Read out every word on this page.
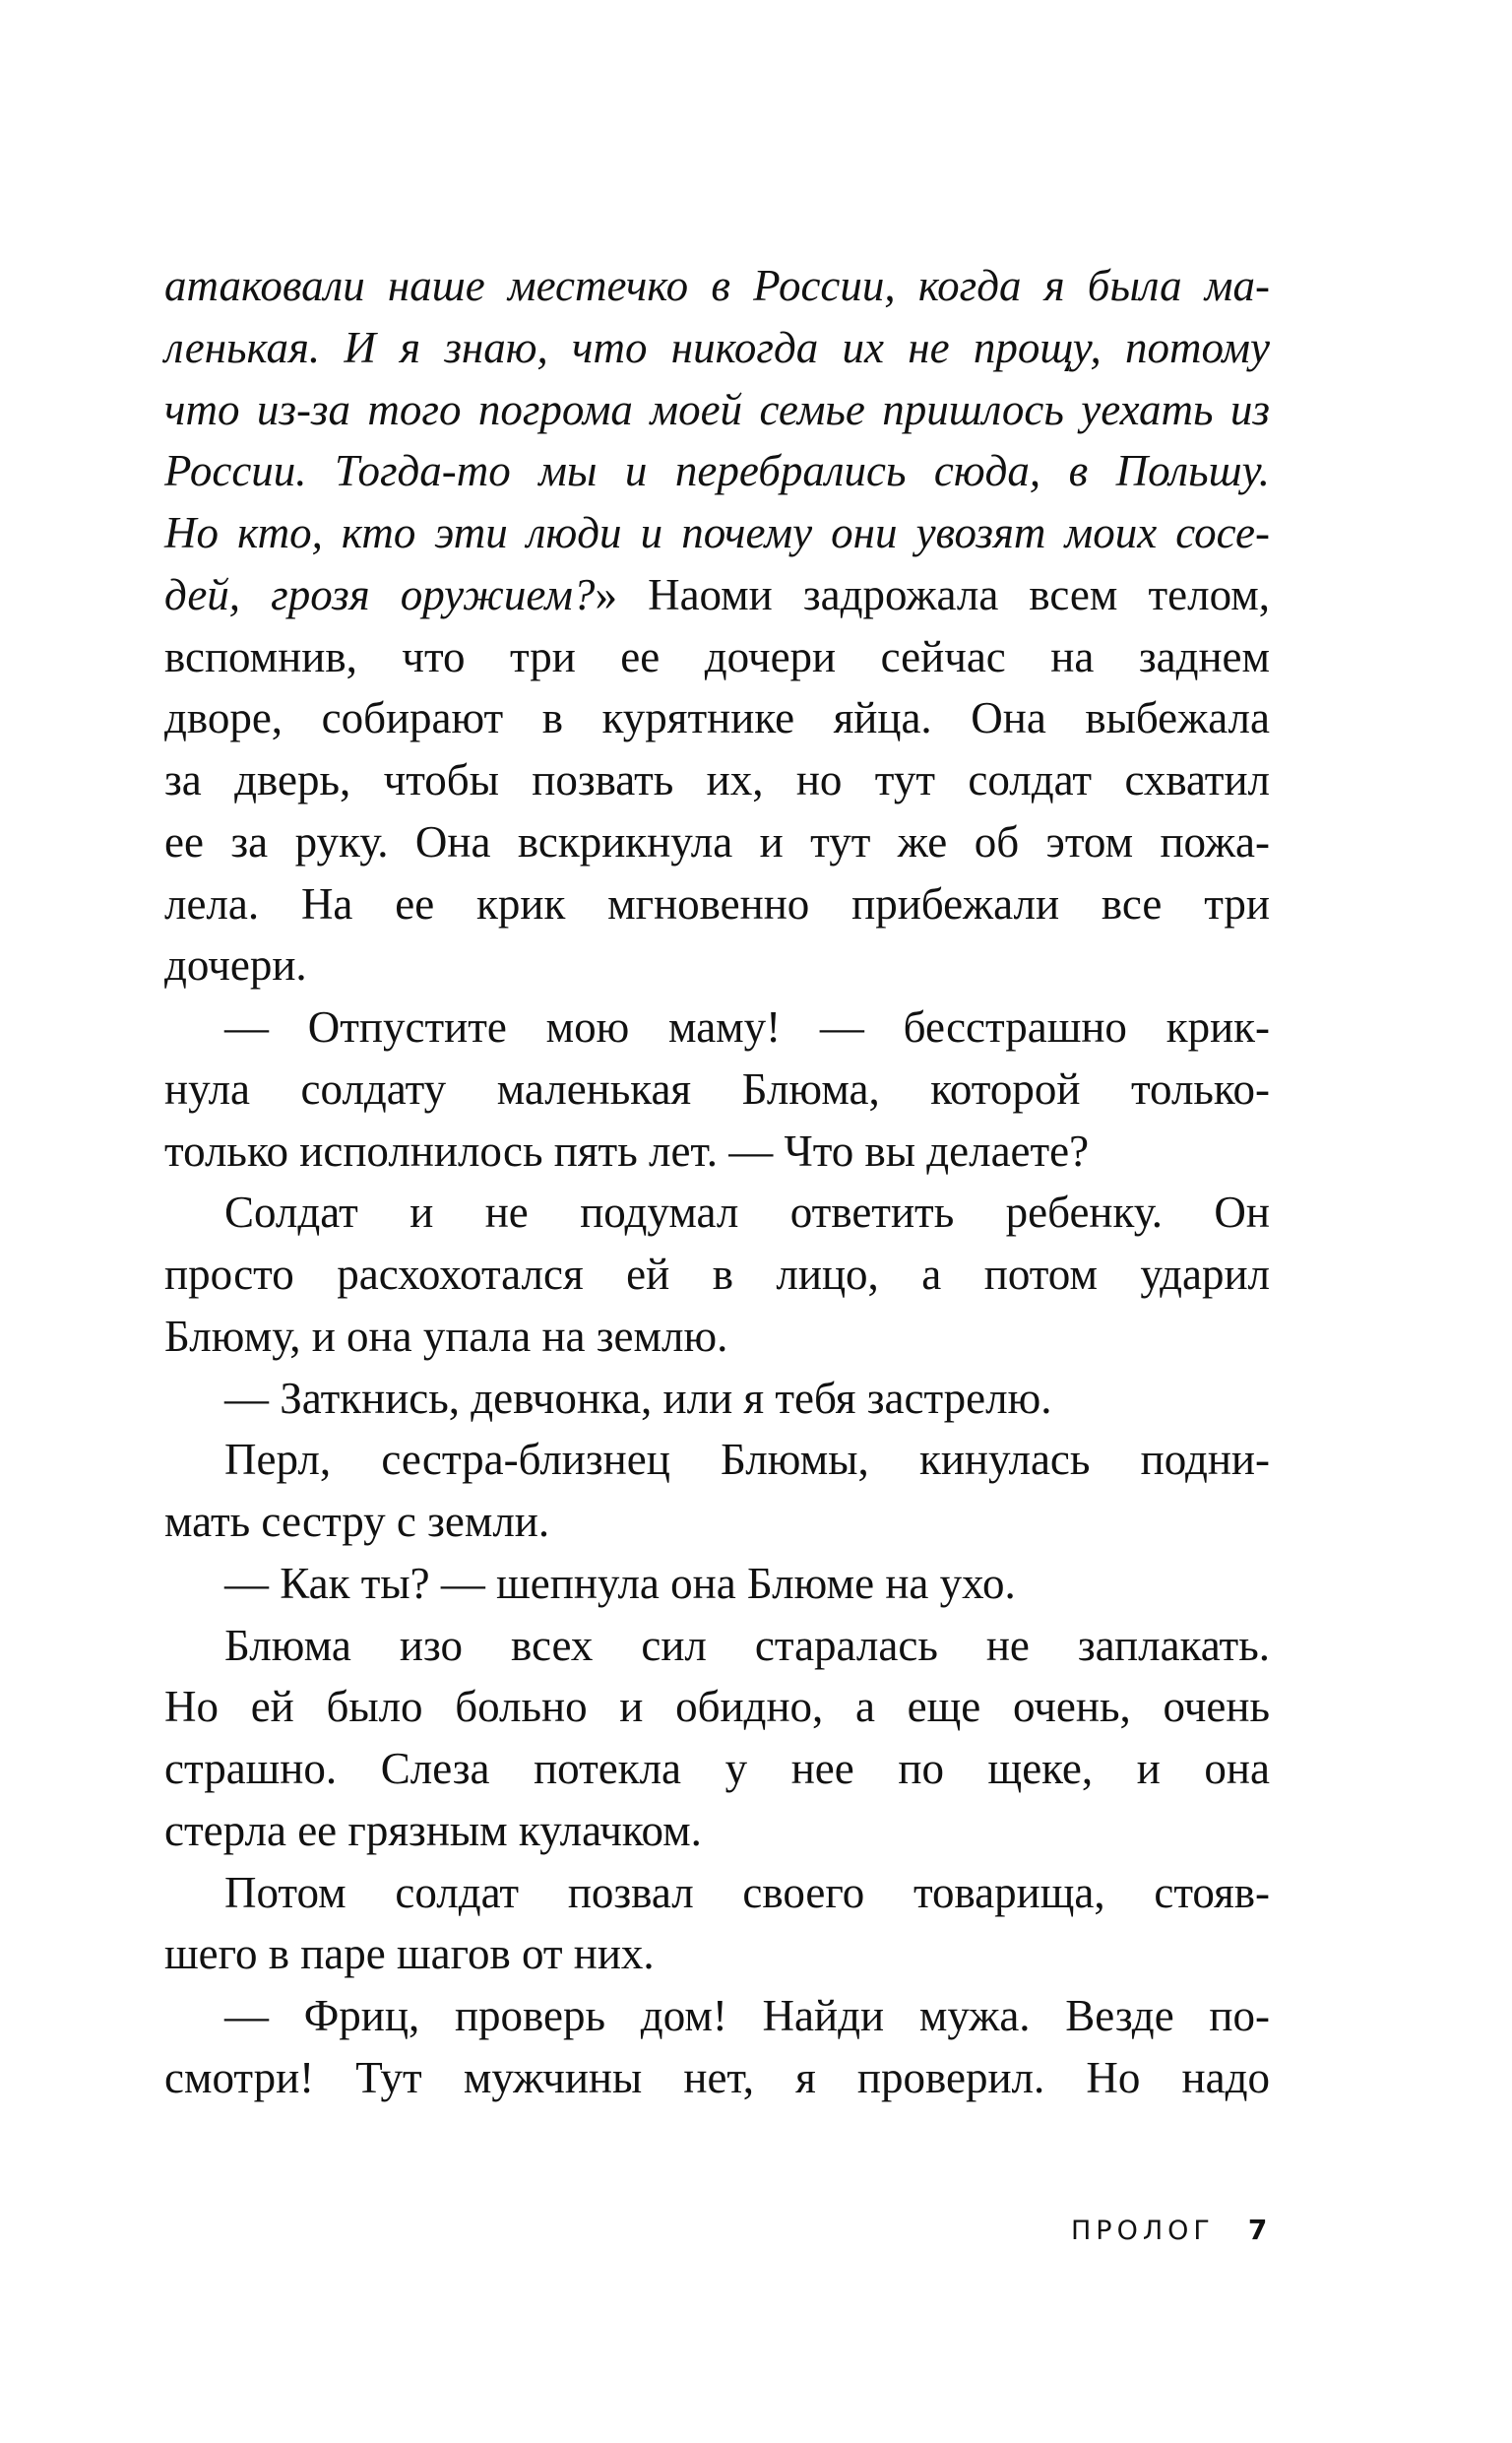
атаковали наше местечко в России, когда я была ма-
ленькая. И я знаю, что никогда их не прощу, потому
что из-за того погрома моей семье пришлось уехать из
России. Тогда-то мы и перебрались сюда, в Польшу.
Но кто, кто эти люди и почему они увозят моих сосе-
дей, грозя оружием?» Наоми задрожала всем телом,
вспомнив, что три ее дочери сейчас на заднем
дворе, собирают в курятнике яйца. Она выбежала
за дверь, чтобы позвать их, но тут солдат схватил
ее за руку. Она вскрикнула и тут же об этом пожа-
лела. На ее крик мгновенно прибежали все три
дочери.
— Отпустите мою маму! — бесстрашно крик-
нула солдату маленькая Блюма, которой только-
только исполнилось пять лет. — Что вы делаете?
Солдат и не подумал ответить ребенку. Он
просто расхохотался ей в лицо, а потом ударил
Блюму, и она упала на землю.
— Заткнись, девчонка, или я тебя застрелю.
Перл, сестра-близнец Блюмы, кинулась подни-
мать сестру с земли.
— Как ты? — шепнула она Блюме на ухо.
Блюма изо всех сил старалась не заплакать.
Но ей было больно и обидно, а еще очень, очень
страшно. Слеза потекла у нее по щеке, и она
стерла ее грязным кулачком.
Потом солдат позвал своего товарища, стояв-
шего в паре шагов от них.
— Фриц, проверь дом! Найди мужа. Везде по-
смотри! Тут мужчины нет, я проверил. Но надо
ПРОЛОГ 7
